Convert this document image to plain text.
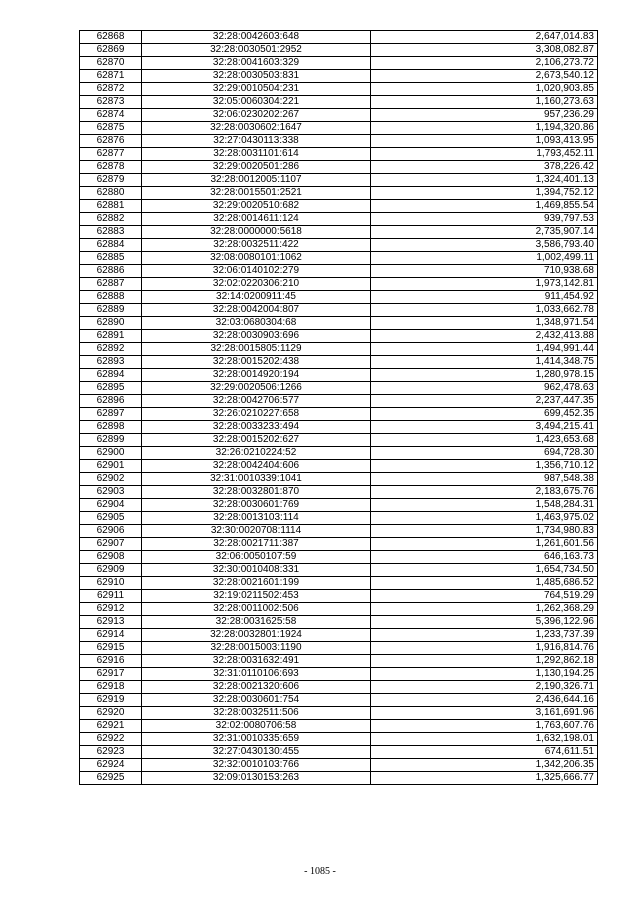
62868	32:28:0042603:648	2,647,014.83
62869	32:28:0030501:2952	3,308,082.87
62870	32:28:0041603:329	2,106,273.72
62871	32:28:0030503:831	2,673,540.12
62872	32:29:0010504:231	1,020,903.85
62873	32:05:0060304:221	1,160,273.63
62874	32:06:0230202:267	957,236.29
62875	32:28:0030602:1647	1,194,320.86
62876	32:27:0430113:338	1,093,413.95
62877	32:28:0031101:614	1,793,452.11
62878	32:29:0020501:286	378,226.42
62879	32:28:0012005:1107	1,324,401.13
62880	32:28:0015501:2521	1,394,752.12
62881	32:29:0020510:682	1,469,855.54
62882	32:28:0014611:124	939,797.53
62883	32:28:0000000:5618	2,735,907.14
62884	32:28:0032511:422	3,586,793.40
62885	32:08:0080101:1062	1,002,499.11
62886	32:06:0140102:279	710,938.68
62887	32:02:0220306:210	1,973,142.81
62888	32:14:0200911:45	911,454.92
62889	32:28:0042004:807	1,033,662.78
62890	32:03:0680304:68	1,348,971.54
62891	32:28:0030903:696	2,432,413.88
62892	32:28:0015805:1129	1,494,991.44
62893	32:28:0015202:438	1,414,348.75
62894	32:28:0014920:194	1,280,978.15
62895	32:29:0020506:1266	962,478.63
62896	32:28:0042706:577	2,237,447.35
62897	32:26:0210227:658	699,452.35
62898	32:28:0033233:494	3,494,215.41
62899	32:28:0015202:627	1,423,653.68
62900	32:26:0210224:52	694,728.30
62901	32:28:0042404:606	1,356,710.12
62902	32:31:0010339:1041	987,548.38
62903	32:28:0032801:870	2,183,675.76
62904	32:28:0030601:769	1,548,284.31
62905	32:28:0013103:114	1,463,975.02
62906	32:30:0020708:1114	1,734,980.83
62907	32:28:0021711:387	1,261,601.56
62908	32:06:0050107:59	646,163.73
62909	32:30:0010408:331	1,654,734.50
62910	32:28:0021601:199	1,485,686.52
62911	32:19:0211502:453	764,519.29
62912	32:28:0011002:506	1,262,368.29
62913	32:28:0031625:58	5,396,122.96
62914	32:28:0032801:1924	1,233,737.39
62915	32:28:0015003:1190	1,916,814.76
62916	32:28:0031632:491	1,292,862.18
62917	32:31:0110106:693	1,130,194.25
62918	32:28:0021320:606	2,190,326.71
62919	32:28:0030601:754	2,436,644.16
62920	32:28:0032511:506	3,161,691.96
62921	32:02:0080706:58	1,763,607.76
62922	32:31:0010335:659	1,632,198.01
62923	32:27:0430130:455	674,611.51
62924	32:32:0010103:766	1,342,206.35
62925	32:09:0130153:263	1,325,666.77
- 1085 -
